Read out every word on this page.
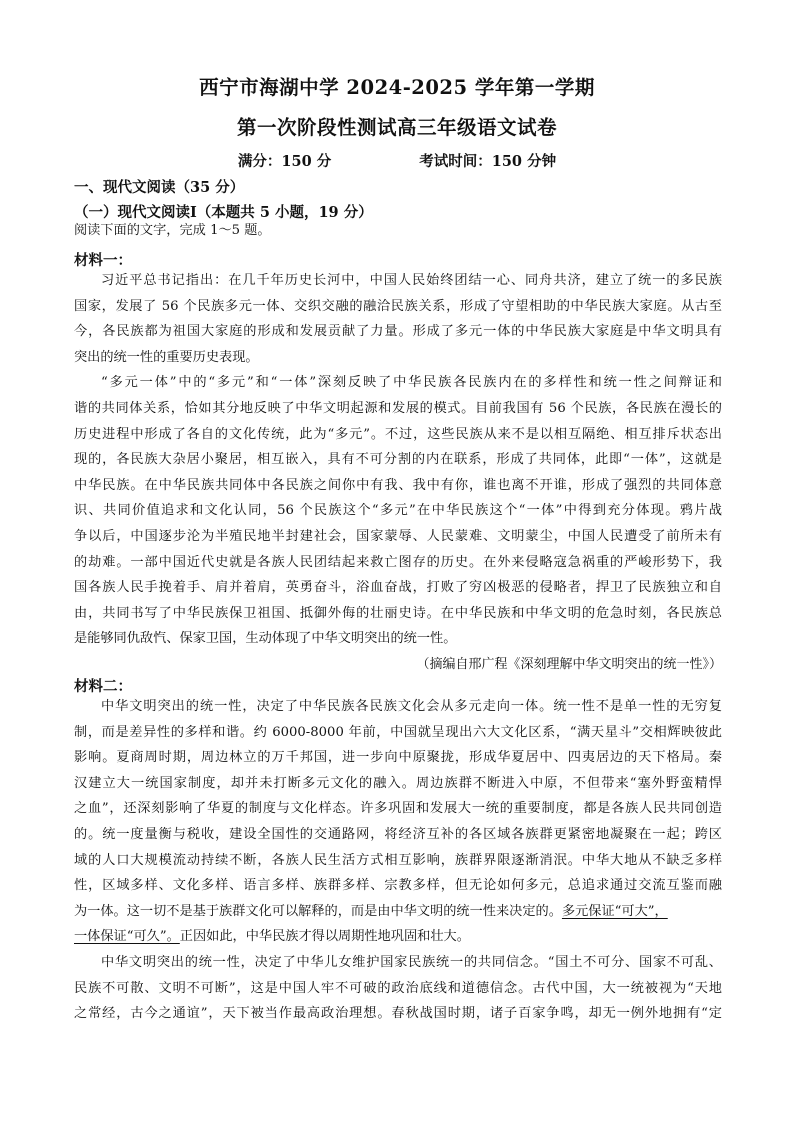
西宁市海湖中学 2024-2025 学年第一学期
第一次阶段性测试高三年级语文试卷
满分：150 分	考试时间：150 分钟
一、现代文阅读（35 分）
（一）现代文阅读Ⅰ（本题共 5 小题，19 分）
阅读下面的文字，完成 1～5 题。
材料一：
习近平总书记指出：在几千年历史长河中，中国人民始终团结一心、同舟共济，建立了统一的多民族
国家，发展了 56 个民族多元一体、交织交融的融洽民族关系，形成了守望相助的中华民族大家庭。从古至
今，各民族都为祖国大家庭的形成和发展贡献了力量。形成了多元一体的中华民族大家庭是中华文明具有
突出的统一性的重要历史表现。
“多元一体”中的“多元”和“一体”深刻反映了中华民族各民族内在的多样性和统一性之间辩证和
谐的共同体关系，恰如其分地反映了中华文明起源和发展的模式。目前我国有 56 个民族，各民族在漫长的
历史进程中形成了各自的文化传统，此为“多元”。不过，这些民族从来不是以相互隔绝、相互排斥状态出
现的，各民族大杂居小聚居，相互嵌入，具有不可分割的内在联系，形成了共同体，此即“一体”，这就是
中华民族。在中华民族共同体中各民族之间你中有我、我中有你，谁也离不开谁，形成了强烈的共同体意
识、共同价值追求和文化认同，56 个民族这个“多元”在中华民族这个“一体”中得到充分体现。鸦片战
争以后，中国逐步沦为半殖民地半封建社会，国家蒙辱、人民蒙难、文明蒙尘，中国人民遭受了前所未有
的劫难。一部中国近代史就是各族人民团结起来救亡图存的历史。在外来侵略寇急祸重的严峻形势下，我
国各族人民手挽着手、肩并着肩，英勇奋斗，浴血奋战，打败了穷凶极恶的侵略者，捍卫了民族独立和自
由，共同书写了中华民族保卫祖国、抵御外侮的壮丽史诗。在中华民族和中华文明的危急时刻，各民族总
是能够同仇敌忾、保家卫国，生动体现了中华文明突出的统一性。
（摘编自邢广程《深刻理解中华文明突出的统一性》）
材料二：
中华文明突出的统一性，决定了中华民族各民族文化会从多元走向一体。统一性不是单一性的无穷复
制，而是差异性的多样和谐。约 6000-8000 年前，中国就呈现出六大文化区系，“满天星斗”交相辉映彼此
影响。夏商周时期，周边林立的万千邦国，进一步向中原聚拢，形成华夏居中、四夷居边的天下格局。秦
汉建立大一统国家制度，却并未打断多元文化的融入。周边族群不断进入中原，不但带来“塞外野蛮精悍
之血”，还深刻影响了华夏的制度与文化样态。许多巩固和发展大一统的重要制度，都是各族人民共同创造
的。统一度量衡与税收，建设全国性的交通路网，将经济互补的各区域各族群更紧密地凝聚在一起；跨区
域的人口大规模流动持续不断，各族人民生活方式相互影响，族群界限逐渐消泯。中华大地从不缺乏多样
性，区域多样、文化多样、语言多样、族群多样、宗教多样，但无论如何多元，总追求通过交流互鉴而融
为一体。这一切不是基于族群文化可以解释的，而是由中华文明的统一性来决定的。多元保证“可大”，
一体保证“可久”。正因如此，中华民族才得以周期性地巩固和壮大。
中华文明突出的统一性，决定了中华儿女维护国家民族统一的共同信念。“国土不可分、国家不可乱、
民族不可散、文明不可断”，这是中国人牢不可破的政治底线和道德信念。古代中国，大一统被视为“天地
之常经，古今之通谊”，天下被当作最高政治理想。春秋战国时期，诸子百家争鸣，却无一例外地拥有“定
